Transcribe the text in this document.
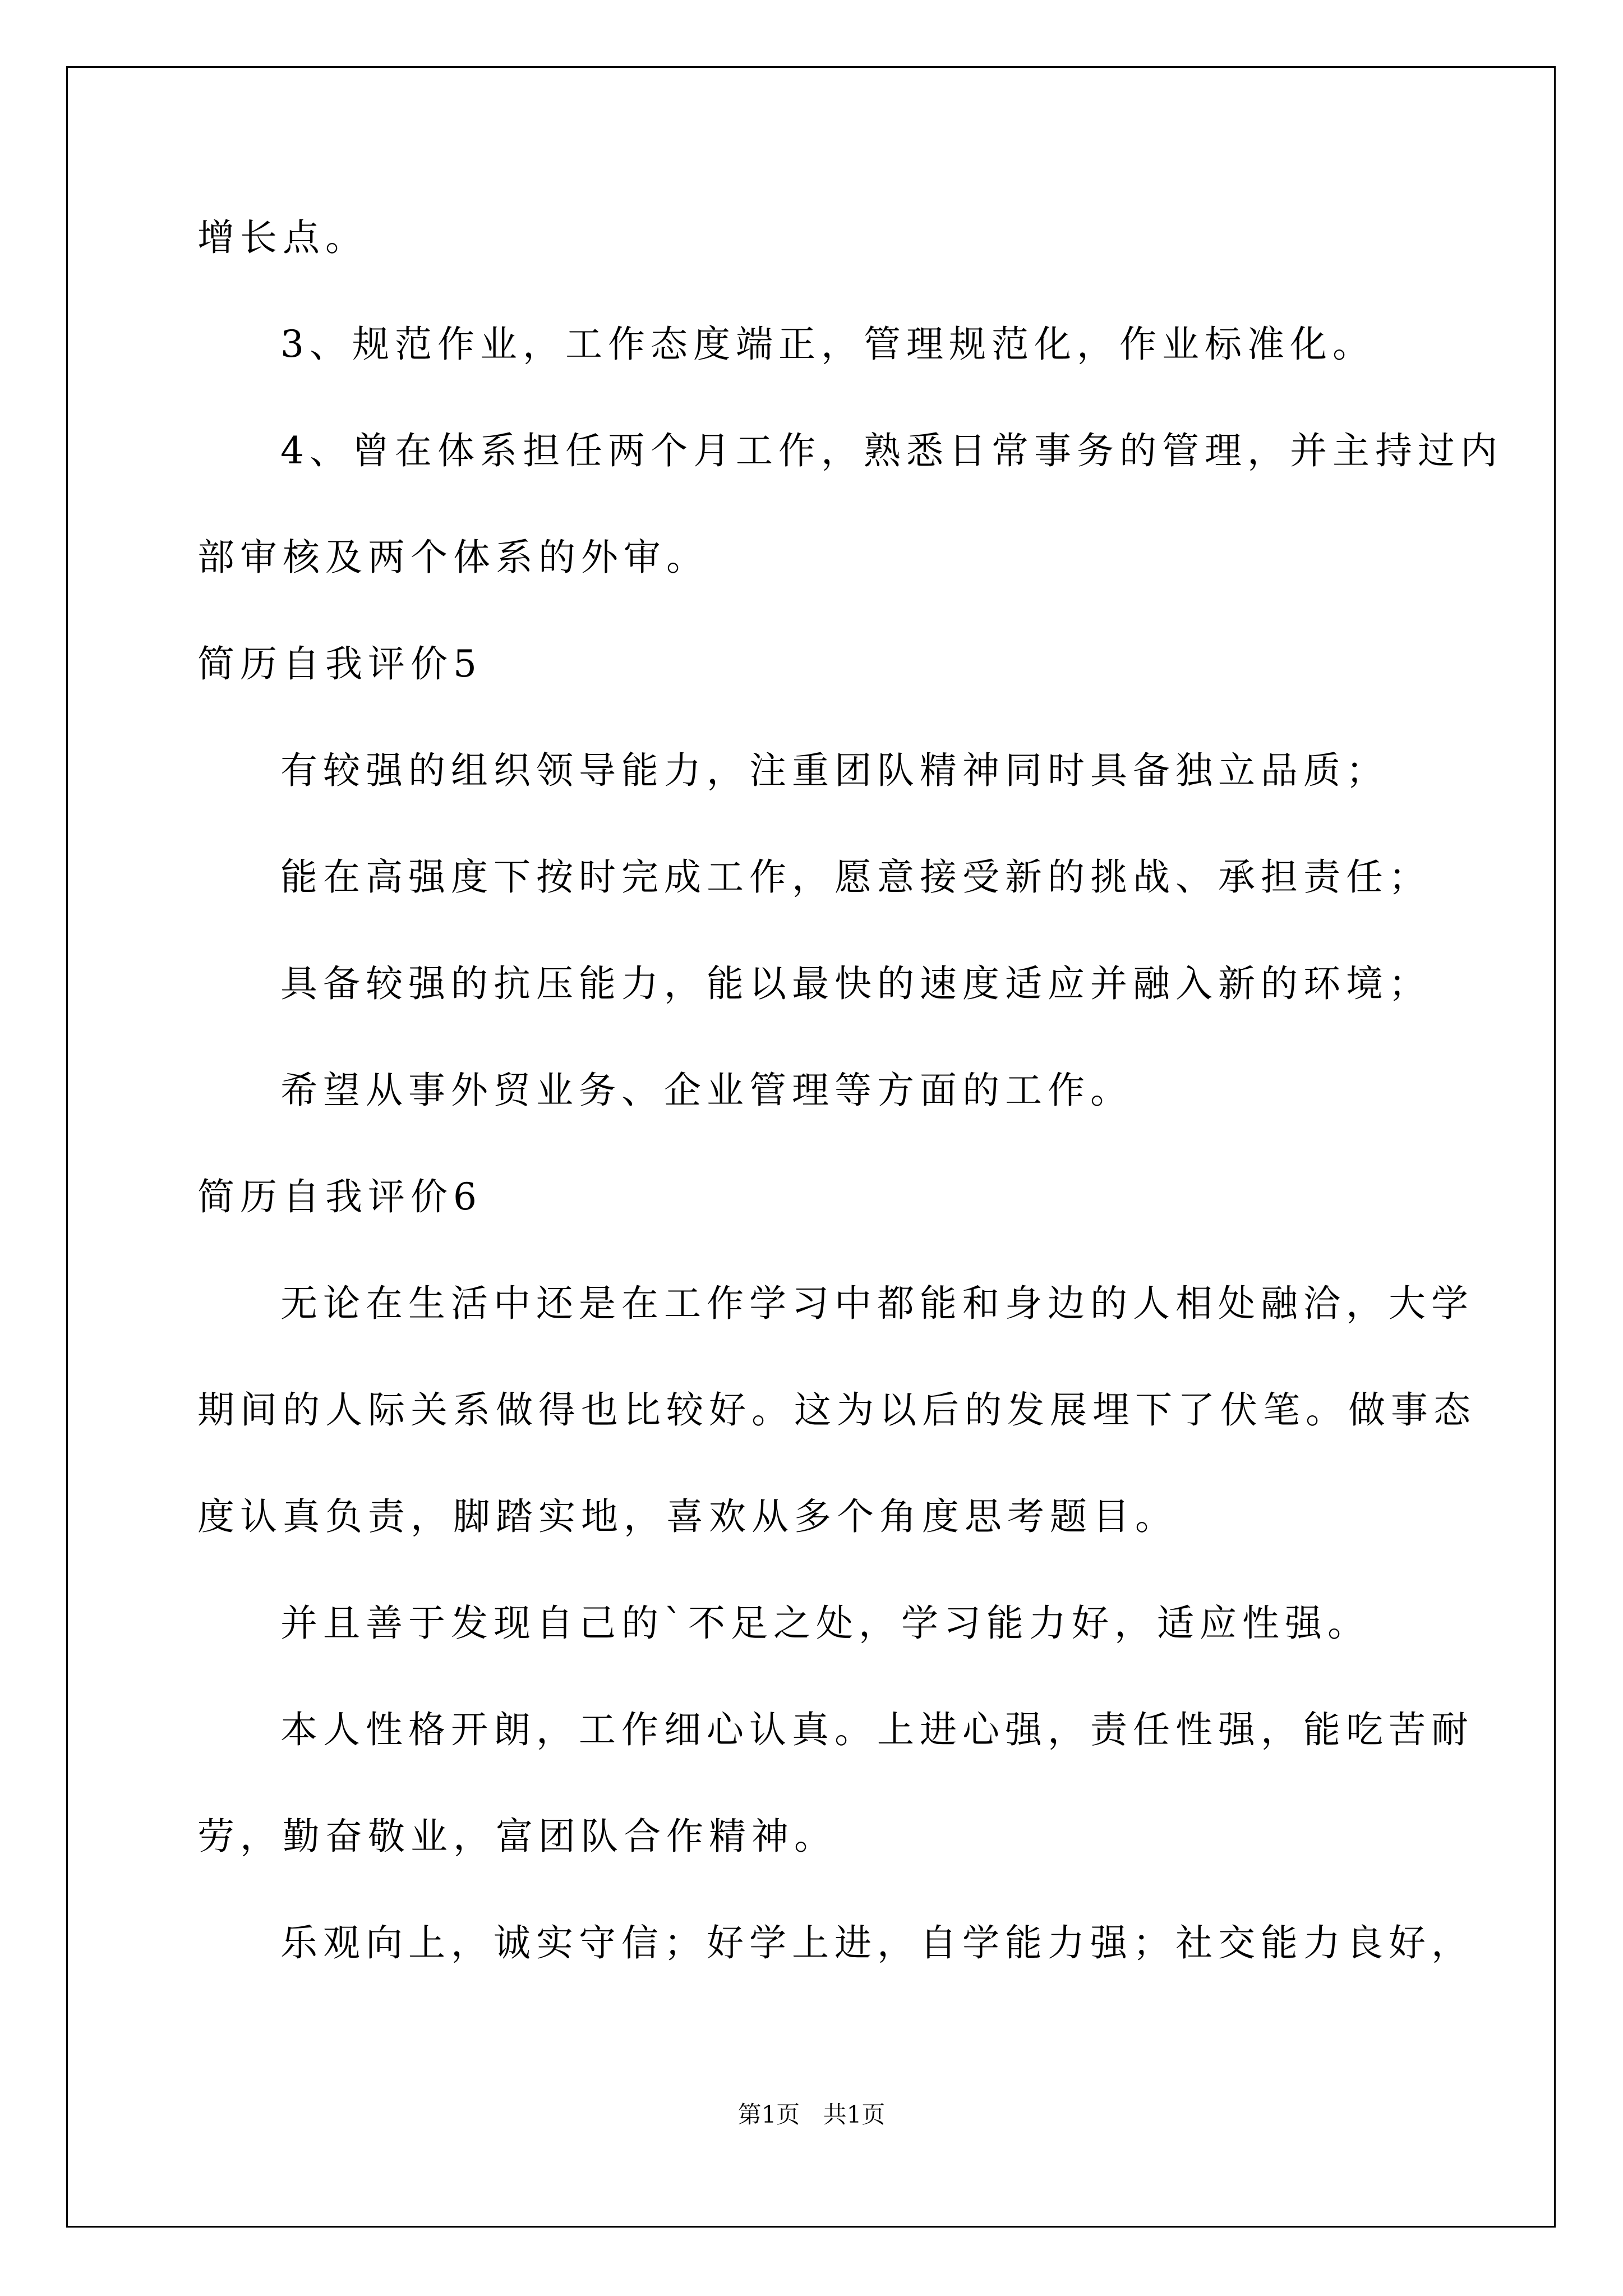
增长点。

3、规范作业，工作态度端正，管理规范化，作业标准化。

4、曾在体系担任两个月工作，熟悉日常事务的管理，并主持过内

部审核及两个体系的外审。

简历自我评价5

有较强的组织领导能力，注重团队精神同时具备独立品质；

能在高强度下按时完成工作，愿意接受新的挑战、承担责任；

具备较强的抗压能力，能以最快的速度适应并融入新的环境；

希望从事外贸业务、企业管理等方面的工作。

简历自我评价6

无论在生活中还是在工作学习中都能和身边的人相处融洽，大学

期间的人际关系做得也比较好。这为以后的发展埋下了伏笔。做事态

度认真负责，脚踏实地，喜欢从多个角度思考题目。

并且善于发现自己的`不足之处，学习能力好，适应性强。

本人性格开朗，工作细心认真。上进心强，责任性强，能吃苦耐

劳，勤奋敬业，富团队合作精神。

乐观向上，诚实守信；好学上进，自学能力强；社交能力良好，

第1页 共1页
